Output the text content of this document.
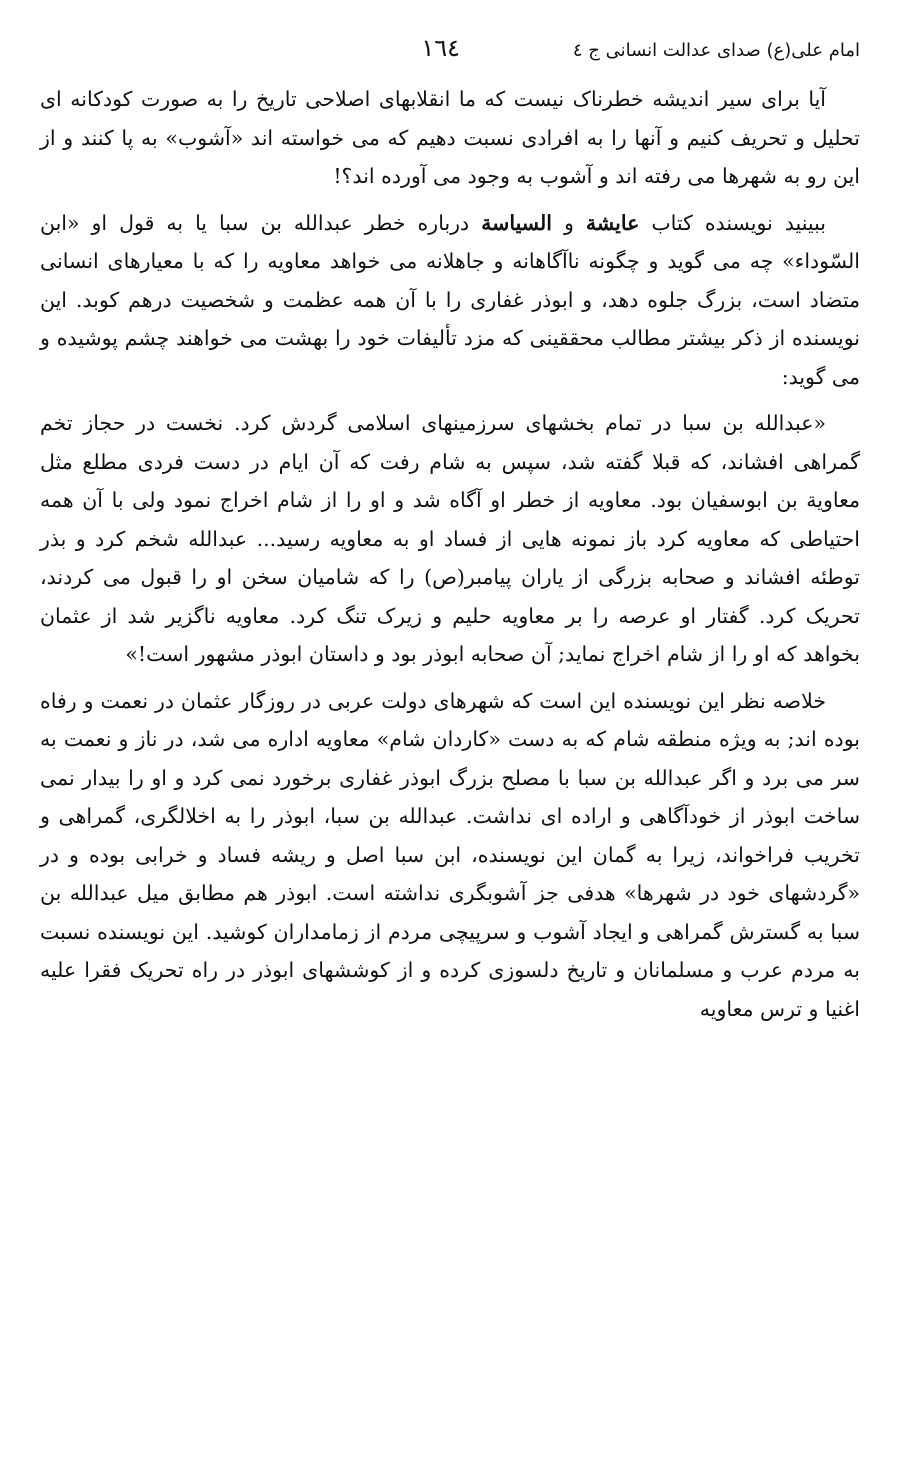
امام علی(ع) صدای عدالت انسانی ج ٤
١٦٤

آیا برای سیر اندیشه خطرناک نیست که ما انقلابهای اصلاحی تاریخ را به صورت کودکانه ای تحلیل و تحریف کنیم و آنها را به افرادی نسبت دهیم که می خواسته اند «آشوب» به پا کنند و از این رو به شهرها می رفته اند و آشوب به وجود می آورده اند؟!

ببینید نویسنده کتاب عایشة و السیاسة درباره خطر عبدالله بن سبا یا به قول او «ابن السّوداء» چه می گوید و چگونه ناآگاهانه و جاهلانه می خواهد معاویه را که با معیارهای انسانی متضاد است، بزرگ جلوه دهد، و ابوذر غفاری را با آن همه عظمت و شخصیت درهم کوبد. این نویسنده از ذکر بیشتر مطالب محققینی که مزد تألیفات خود را بهشت می خواهند چشم پوشیده و می گوید:

«عبدالله بن سبا در تمام بخشهای سرزمینهای اسلامی گردش کرد. نخست در حجاز تخم گمراهی افشاند، که قبلا گفته شد، سپس به شام رفت که آن ایام در دست فردی مطلع مثل معاویة بن ابوسفیان بود. معاویه از خطر او آگاه شد و او را از شام اخراج نمود ولی با آن همه احتیاطی که معاویه کرد باز نمونه هایی از فساد او به معاویه رسید... عبدالله شخم کرد و بذر توطئه افشاند و صحابه بزرگی از یاران پیامبر(ص) را که شامیان سخن او را قبول می کردند، تحریک کرد. گفتار او عرصه را بر معاویه حلیم و زیرک تنگ کرد. معاویه ناگزیر شد از عثمان بخواهد که او را از شام اخراج نماید; آن صحابه ابوذر بود و داستان ابوذر مشهور است!»

خلاصه نظر این نویسنده این است که شهرهای دولت عربی در روزگار عثمان در نعمت و رفاه بوده اند; به ویژه منطقه شام که به دست «کاردان شام» معاویه اداره می شد، در ناز و نعمت به سر می برد و اگر عبدالله بن سبا با مصلح بزرگ ابوذر غفاری برخورد نمی کرد و او را بیدار نمی ساخت ابوذر از خودآگاهی و اراده ای نداشت. عبدالله بن سبا، ابوذر را به اخلالگری، گمراهی و تخریب فراخواند، زیرا به گمان این نویسنده، ابن سبا اصل و ریشه فساد و خرابی بوده و در «گردشهای خود در شهرها» هدفی جز آشوبگری نداشته است. ابوذر هم مطابق میل عبدالله بن سبا به گسترش گمراهی و ایجاد آشوب و سرپیچی مردم از زمامداران کوشید. این نویسنده نسبت به مردم عرب و مسلمانان و تاریخ دلسوزی کرده و از کوششهای ابوذر در راه تحریک فقرا علیه اغنیا و ترس معاویه
